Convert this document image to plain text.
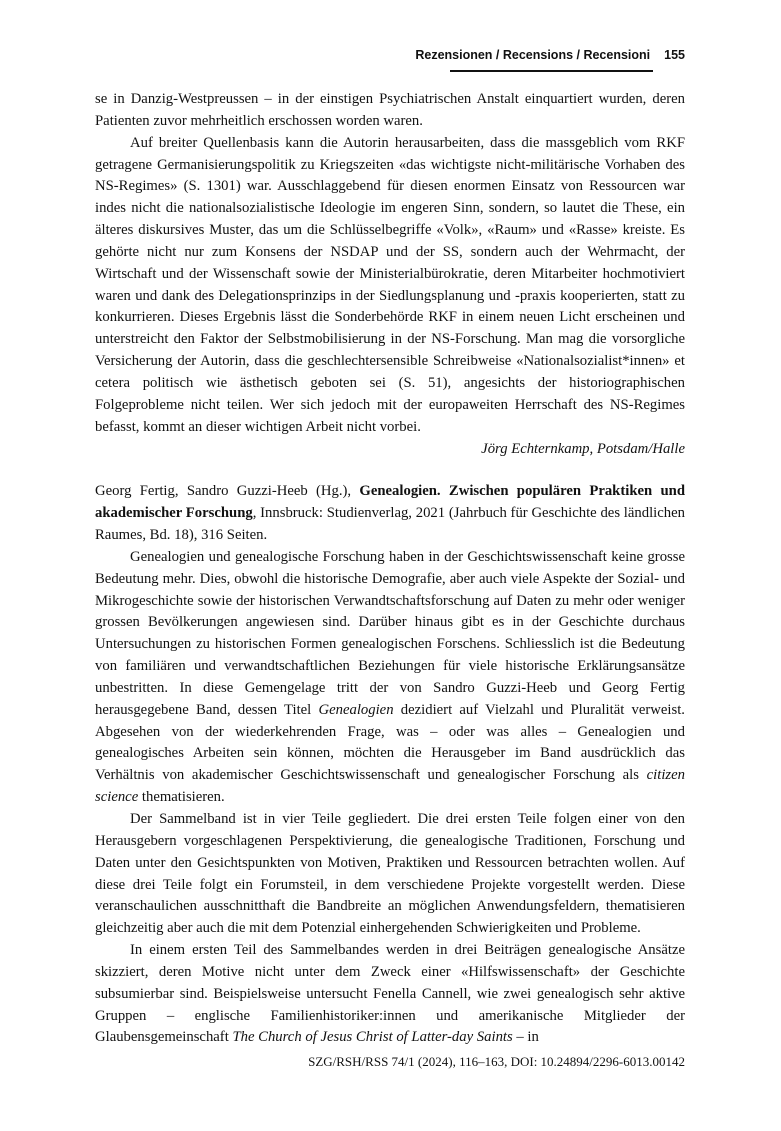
Rezensionen / Recensions / Recensioni 155

se in Danzig-Westpreussen – in der einstigen Psychiatrischen Anstalt einquartiert wurden, deren Patienten zuvor mehrheitlich erschossen worden waren.

Auf breiter Quellenbasis kann die Autorin herausarbeiten, dass die massgeblich vom RKF getragene Germanisierungspolitik zu Kriegszeiten «das wichtigste nicht-militärische Vorhaben des NS-Regimes» (S. 1301) war. Ausschlaggebend für diesen enormen Einsatz von Ressourcen war indes nicht die nationalsozialistische Ideologie im engeren Sinn, sondern, so lautet die These, ein älteres diskursives Muster, das um die Schlüsselbegriffe «Volk», «Raum» und «Rasse» kreiste. Es gehörte nicht nur zum Konsens der NSDAP und der SS, sondern auch der Wehrmacht, der Wirtschaft und der Wissenschaft sowie der Ministerialbürokratie, deren Mitarbeiter hochmotiviert waren und dank des Delegationsprinzips in der Siedlungsplanung und -praxis kooperierten, statt zu konkurrieren. Dieses Ergebnis lässt die Sonderbehörde RKF in einem neuen Licht erscheinen und unterstreicht den Faktor der Selbstmobilisierung in der NS-Forschung. Man mag die vorsorgliche Versicherung der Autorin, dass die geschlechtersensible Schreibweise «Nationalsozialist*innen» et cetera politisch wie ästhetisch geboten sei (S. 51), angesichts der historiographischen Folgeprobleme nicht teilen. Wer sich jedoch mit der europaweiten Herrschaft des NS-Regimes befasst, kommt an dieser wichtigen Arbeit nicht vorbei.

Jörg Echternkamp, Potsdam/Halle

Georg Fertig, Sandro Guzzi-Heeb (Hg.), Genealogien. Zwischen populären Praktiken und akademischer Forschung, Innsbruck: Studienverlag, 2021 (Jahrbuch für Geschichte des ländlichen Raumes, Bd. 18), 316 Seiten.

Genealogien und genealogische Forschung haben in der Geschichtswissenschaft keine grosse Bedeutung mehr. Dies, obwohl die historische Demografie, aber auch viele Aspekte der Sozial- und Mikrogeschichte sowie der historischen Verwandtschaftsforschung auf Daten zu mehr oder weniger grossen Bevölkerungen angewiesen sind. Darüber hinaus gibt es in der Geschichte durchaus Untersuchungen zu historischen Formen genealogischen Forschens. Schliesslich ist die Bedeutung von familiären und verwandtschaftlichen Beziehungen für viele historische Erklärungsansätze unbestritten. In diese Gemengelage tritt der von Sandro Guzzi-Heeb und Georg Fertig herausgegebene Band, dessen Titel Genealogien dezidiert auf Vielzahl und Pluralität verweist. Abgesehen von der wiederkehrenden Frage, was – oder was alles – Genealogien und genealogisches Arbeiten sein können, möchten die Herausgeber im Band ausdrücklich das Verhältnis von akademischer Geschichtswissenschaft und genealogischer Forschung als citizen science thematisieren.

Der Sammelband ist in vier Teile gegliedert. Die drei ersten Teile folgen einer von den Herausgebern vorgeschlagenen Perspektivierung, die genealogische Traditionen, Forschung und Daten unter den Gesichtspunkten von Motiven, Praktiken und Ressourcen betrachten wollen. Auf diese drei Teile folgt ein Forumsteil, in dem verschiedene Projekte vorgestellt werden. Diese veranschaulichen ausschnitthaft die Bandbreite an möglichen Anwendungsfeldern, thematisieren gleichzeitig aber auch die mit dem Potenzial einhergehenden Schwierigkeiten und Probleme.

In einem ersten Teil des Sammelbandes werden in drei Beiträgen genealogische Ansätze skizziert, deren Motive nicht unter dem Zweck einer «Hilfswissenschaft» der Geschichte subsumierbar sind. Beispielsweise untersucht Fenella Cannell, wie zwei genealogisch sehr aktive Gruppen – englische Familienhistoriker:innen und amerikanische Mitglieder der Glaubensgemeinschaft The Church of Jesus Christ of Latter-day Saints – in

SZG/RSH/RSS 74/1 (2024), 116–163, DOI: 10.24894/2296-6013.00142
